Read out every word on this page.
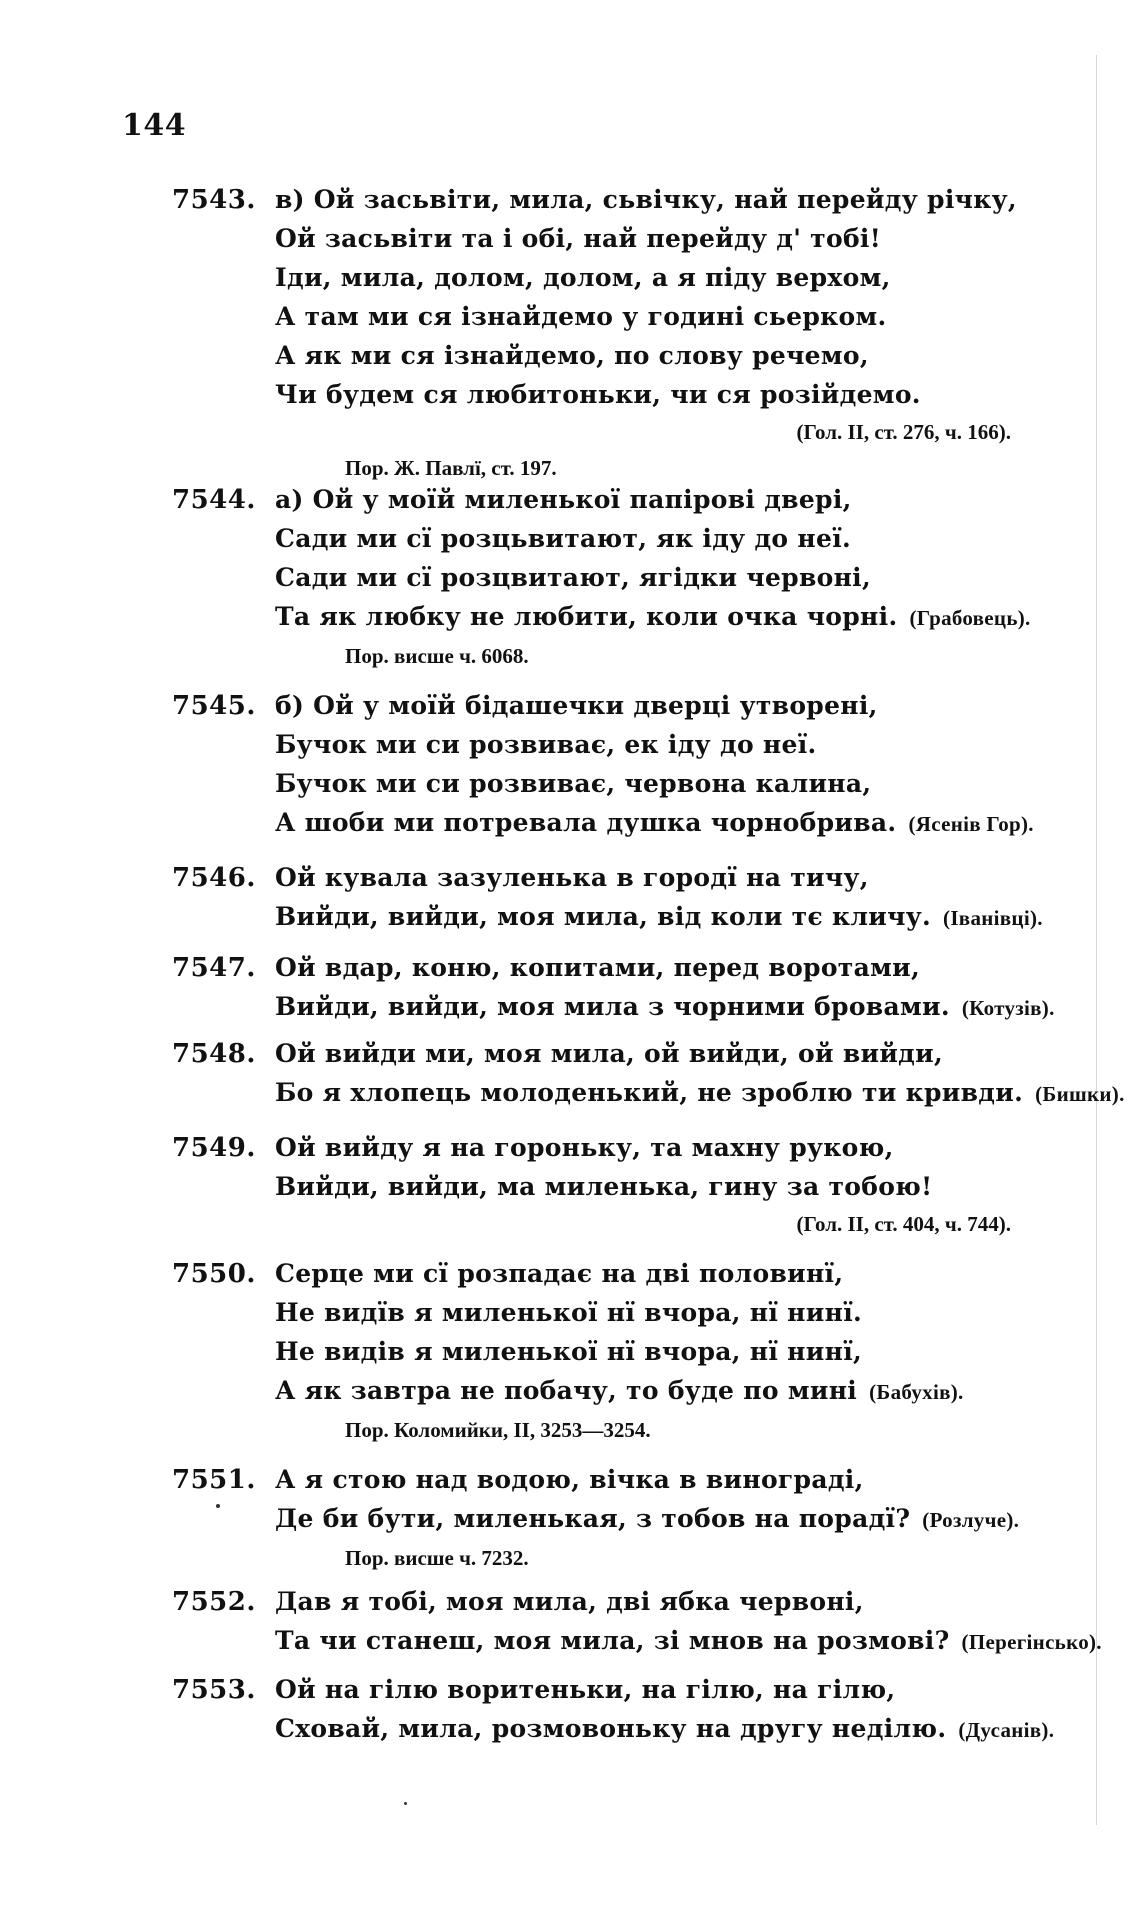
144
7543. в) Ой засьвіти, мила, сьвічку, най перейду річку,
Ой засьвіти та і обі, най перейду д' тобі!
Іди, мила, долом, долом, а я піду верхом,
А там ми ся ізнайдемо у годині сьерком.
А як ми ся ізнайдемо, по слову речемо,
Чи будем ся любитоньки, чи ся розійдемо.
(Гол. II, ст. 276, ч. 166).
Пор. Ж. Павлї, ст. 197.
7544. а) Ой у моїй миленької папірові двері,
Сади ми сї розцьвитают, як іду до неї.
Сади ми сї розцвитают, ягідки червоні,
Та як любку не любити, коли очка чорні. (Грабовець).
Пор. висше ч. 6068.
7545. б) Ой у моїй бідашечки дверці утворені,
Бучок ми си розвиває, ек іду до неї.
Бучок ми си розвиває, червона калина,
А шоби ми потрeвала душка чорнобрива. (Ясенів Гор).
7546. Ой кувала зазуленька в городї на тичу,
Вийди, вийди, моя мила, від коли тє кличу. (Іванівці).
7547. Ой вдар, коню, копитами, перед воротами,
Вийди, вийди, моя мила з чорними бровами. (Котузів).
7548. Ой вийди ми, моя мила, ой вийди, ой вийди,
Бо я хлопець молоденький, не зроблю ти кривди. (Бишки).
7549. Ой вийду я на гороньку, та махну рукою,
Вийди, вийди, ма миленька, гину за тобою!
(Гол. II, ст. 404, ч. 744).
7550. Серце ми сї розпадає на дві половинї,
Не видїв я миленької нї вчора, нї нинї.
Не видів я миленької нї вчора, нї нинї,
А як завтра не побачу, то буде по мині (Бабухів).
Пор. Коломийки, II, 3253—3254.
7551. А я стою над водою, вічка в винограді,
Де би бути, миленькая, з тобов на порадї? (Розлуче).
Пор. висше ч. 7232.
7552. Дав я тобі, моя мила, дві ябка червоні,
Та чи станеш, моя мила, зі мнов на розмові? (Перегінсько).
7553. Ой на гілю воритеньки, на гілю, на гілю,
Сховай, мила, розмовоньку на другу неділю. (Дусанів).
